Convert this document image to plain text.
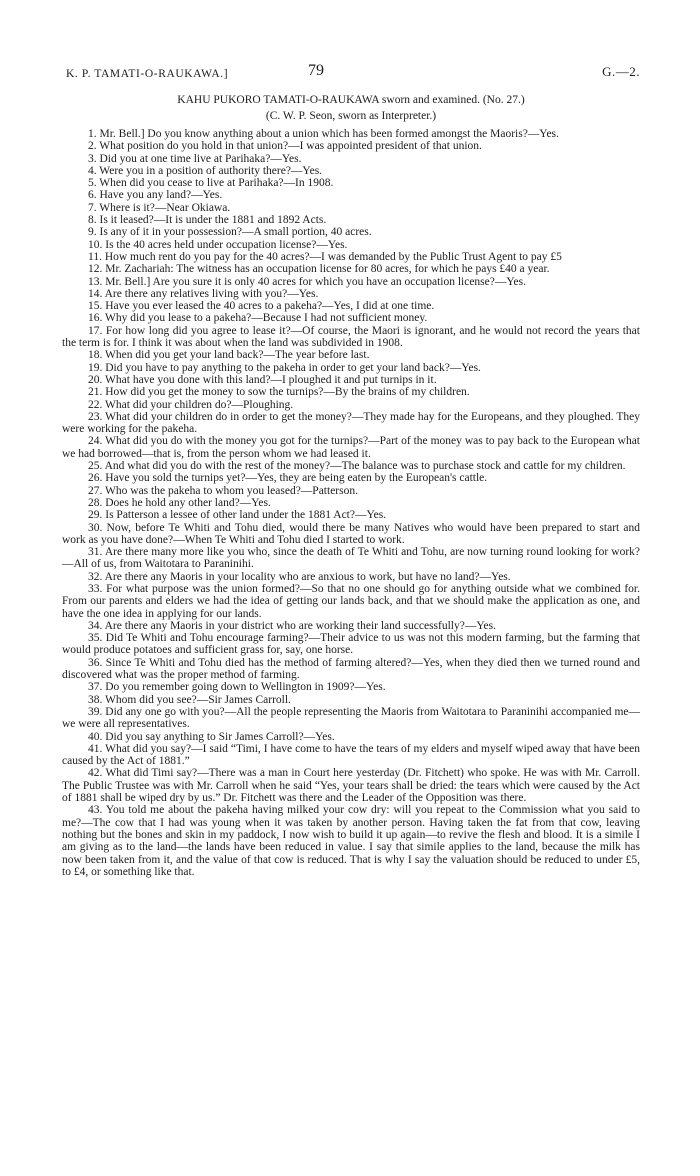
K. P. TAMATI-O-RAUKAWA.]	79	G.—2.
KAHU PUKORO TAMATI-O-RAUKAWA sworn and examined. (No. 27.)
(C. W. P. Seon, sworn as Interpreter.)

1. Mr. Bell.] Do you know anything about a union which has been formed amongst the Maoris?—Yes.

2. What position do you hold in that union?—I was appointed president of that union.

3. Did you at one time live at Parihaka?—Yes.

4. Were you in a position of authority there?—Yes.

5. When did you cease to live at Parihaka?—In 1908.

6. Have you any land?—Yes.

7. Where is it?—Near Okiawa.

8. Is it leased?—It is under the 1881 and 1892 Acts.

9. Is any of it in your possession?—A small portion, 40 acres.

10. Is the 40 acres held under occupation license?—Yes.

11. How much rent do you pay for the 40 acres?—I was demanded by the Public Trust Agent to pay £5

12. Mr. Zachariah: The witness has an occupation license for 80 acres, for which he pays £40 a year.

13. Mr. Bell.] Are you sure it is only 40 acres for which you have an occupation license?—Yes.

14. Are there any relatives living with you?—Yes.

15. Have you ever leased the 40 acres to a pakeha?—Yes, I did at one time.

16. Why did you lease to a pakeha?—Because I had not sufficient money.

17. For how long did you agree to lease it?—Of course, the Maori is ignorant, and he would not record the years that the term is for. I think it was about when the land was subdivided in 1908.

18. When did you get your land back?—The year before last.

19. Did you have to pay anything to the pakeha in order to get your land back?—Yes.

20. What have you done with this land?—I ploughed it and put turnips in it.

21. How did you get the money to sow the turnips?—By the brains of my children.

22. What did your children do?—Ploughing.

23. What did your children do in order to get the money?—They made hay for the Europeans, and they ploughed. They were working for the pakeha.

24. What did you do with the money you got for the turnips?—Part of the money was to pay back to the European what we had borrowed—that is, from the person whom we had leased it.

25. And what did you do with the rest of the money?—The balance was to purchase stock and cattle for my children.

26. Have you sold the turnips yet?—Yes, they are being eaten by the European's cattle.

27. Who was the pakeha to whom you leased?—Patterson.

28. Does he hold any other land?—Yes.

29. Is Patterson a lessee of other land under the 1881 Act?—Yes.

30. Now, before Te Whiti and Tohu died, would there be many Natives who would have been prepared to start and work as you have done?—When Te Whiti and Tohu died I started to work.

31. Are there many more like you who, since the death of Te Whiti and Tohu, are now turning round looking for work?—All of us, from Waitotara to Paraninihi.

32. Are there any Maoris in your locality who are anxious to work, but have no land?—Yes.

33. For what purpose was the union formed?—So that no one should go for anything outside what we combined for. From our parents and elders we had the idea of getting our lands back, and that we should make the application as one, and have the one idea in applying for our lands.

34. Are there any Maoris in your district who are working their land successfully?—Yes.

35. Did Te Whiti and Tohu encourage farming?—Their advice to us was not this modern farming, but the farming that would produce potatoes and sufficient grass for, say, one horse.

36. Since Te Whiti and Tohu died has the method of farming altered?—Yes, when they died then we turned round and discovered what was the proper method of farming.

37. Do you remember going down to Wellington in 1909?—Yes.

38. Whom did you see?—Sir James Carroll.

39. Did any one go with you?—All the people representing the Maoris from Waitotara to Paraninihi accompanied me—we were all representatives.

40. Did you say anything to Sir James Carroll?—Yes.

41. What did you say?—I said “Timi, I have come to have the tears of my elders and myself wiped away that have been caused by the Act of 1881.”

42. What did Timi say?—There was a man in Court here yesterday (Dr. Fitchett) who spoke. He was with Mr. Carroll. The Public Trustee was with Mr. Carroll when he said “Yes, your tears shall be dried: the tears which were caused by the Act of 1881 shall be wiped dry by us.” Dr. Fitchett was there and the Leader of the Opposition was there.

43. You told me about the pakeha having milked your cow dry: will you repeat to the Commission what you said to me?—The cow that I had was young when it was taken by another person. Having taken the fat from that cow, leaving nothing but the bones and skin in my paddock, I now wish to build it up again—to revive the flesh and blood. It is a simile I am giving as to the land—the lands have been reduced in value. I say that simile applies to the land, because the milk has now been taken from it, and the value of that cow is reduced. That is why I say the valuation should be reduced to under £5, to £4, or something like that.
